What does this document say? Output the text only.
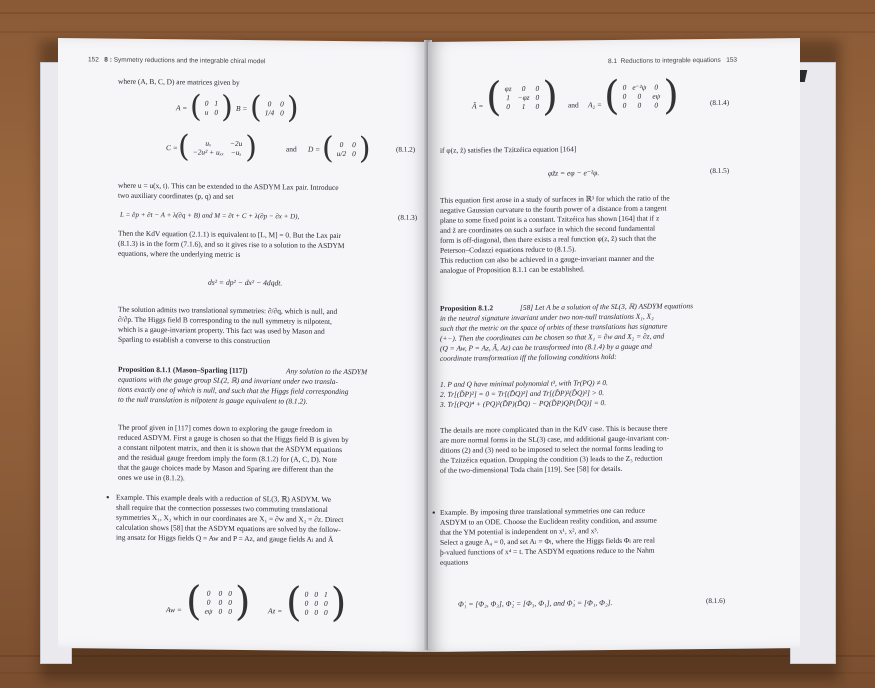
152 8 : Symmetry reductions and the integrable chiral model
where (A, B, C, D) are matrices given by
A = ( 0	1
u	0 ) B = ( 0	0
1/4	0 )
C = ( uₓ	−2u
−2u² + uₓₓ	−uₓ )	and D = ( 0	0
u/2	0 )	(8.1.2)
where u = u(x, t). This can be extended to the ASDYM Lax pair. Introduce
two auxiliary coordinates (p, q) and set
L = ∂p + ∂t − A + λ(∂q + B) and M = ∂t + C + λ(∂p − ∂x + D),	(8.1.3)
Then the KdV equation (2.1.1) is equivalent to [L, M] = 0. But the Lax pair
(8.1.3) is in the form (7.1.6), and so it gives rise to a solution to the ASDYM
equations, where the underlying metric is
ds² = dp² − dx² − 4dqdt.
The solution admits two translational symmetries: ∂/∂q, which is null, and
∂/∂p. The Higgs field B corresponding to the null symmetry is nilpotent,
which is a gauge-invariant property. This fact was used by Mason and
Sparling to establish a converse to this construction
Proposition 8.1.1 (Mason–Sparling [117])	Any solution to the ASDYM
equations with the gauge group SL(2, ℝ) and invariant under two transla-
tions exactly one of which is null, and such that the Higgs field corresponding
to the null translation is nilpotent is gauge equivalent to (8.1.2).
The proof given in [117] comes down to exploring the gauge freedom in
reduced ASDYM. First a gauge is chosen so that the Higgs field B is given by
a constant nilpotent matrix, and then it is shown that the ASDYM equations
and the residual gauge freedom imply the form (8.1.2) for (A, C, D). Note
that the gauge choices made by Mason and Sparing are different than the
ones we use in (8.1.2).
• Example. This example deals with a reduction of SL(3, ℝ) ASDYM. We
shall require that the connection possesses two commuting translational
symmetries X₁, X₂ which in our coordinates are X₁ = ∂w and X₂ = ∂z. Direct
calculation shows [58] that the ASDYM equations are solved by the follow-
ing ansatz for Higgs fields Q = Aw and P = Az, and gauge fields Aₗ and Ã
Aw = ( 0	0	0
0	0	0
eψ	0	0 ) Az = ( 0	0	1
0	0	0
0	0	0 )
8.1 Reductions to integrable equations 153
Ã = ( φz	0	0
1	−φz	0
0	1	0 ) and A₂ = ( 0	e⁻²ψ	0
0	0	eψ
0	0	0 )	(8.1.4)
if φ(z, z̃) satisfies the Tzitzéica equation [164]
φz̃z = eφ − e⁻²φ.	(8.1.5)
This equation first arose in a study of surfaces in ℝ³ for which the ratio of the
negative Gaussian curvature to the fourth power of a distance from a tangent
plane to some fixed point is a constant. Tzitzéica has shown [164] that if z
and z̃ are coordinates on such a surface in which the second fundamental
form is off-diagonal, then there exists a real function φ(z, z̃) such that the
Peterson–Codazzi equations reduce to (8.1.5).
This reduction can also be achieved in a gauge-invariant manner and the
analogue of Proposition 8.1.1 can be established.
Proposition 8.1.2	[58] Let A be a solution of the SL(3, ℝ) ASDYM equations
in the neutral signature invariant under two non-null translations X₁, X₂
such that the metric on the space of orbits of these translations has signature
(+−). Then the coordinates can be chosen so that X₁ = ∂w and X₂ = ∂z, and
(Q = Aw, P = Az, Ã, Az) can be transformed into (8.1.4) by a gauge and
coordinate transformation iff the following conditions hold:
1. P and Q have minimal polynomial t³, with Tr(PQ) ≠ 0.
2. Tr[(D̃P)²] = 0 = Tr[(D̃Q)²] and Tr[(D̃P)²(D̃Q)²] > 0.
3. Tr[(PQ)⁴ + (PQ)²(D̃P)(D̃Q) − PQ(D̃P)QP(D̃Q)] = 0.
The details are more complicated than in the KdV case. This is because there
are more normal forms in the SL(3) case, and additional gauge-invariant con-
ditions (2) and (3) need to be imposed to select the normal forms leading to
the Tzitzéica equation. Dropping the condition (3) leads to the Z₃ reduction
of the two-dimensional Toda chain [119]. See [58] for details.
• Example. By imposing three translational symmetries one can reduce
ASDYM to an ODE. Choose the Euclidean reality condition, and assume
that the YM potential is independent on x¹, x², and x³.
Select a gauge A₄ = 0, and set Aₗ = Φₗ, where the Higgs fields Φₗ are real
þ-valued functions of x⁴ = t. The ASDYM equations reduce to the Nahm
equations
Φ̇₁ = [Φ₂, Φ₃], Φ̇₂ = [Φ₃, Φ₁], and Φ̇₃ = [Φ₁, Φ₂].	(8.1.6)
